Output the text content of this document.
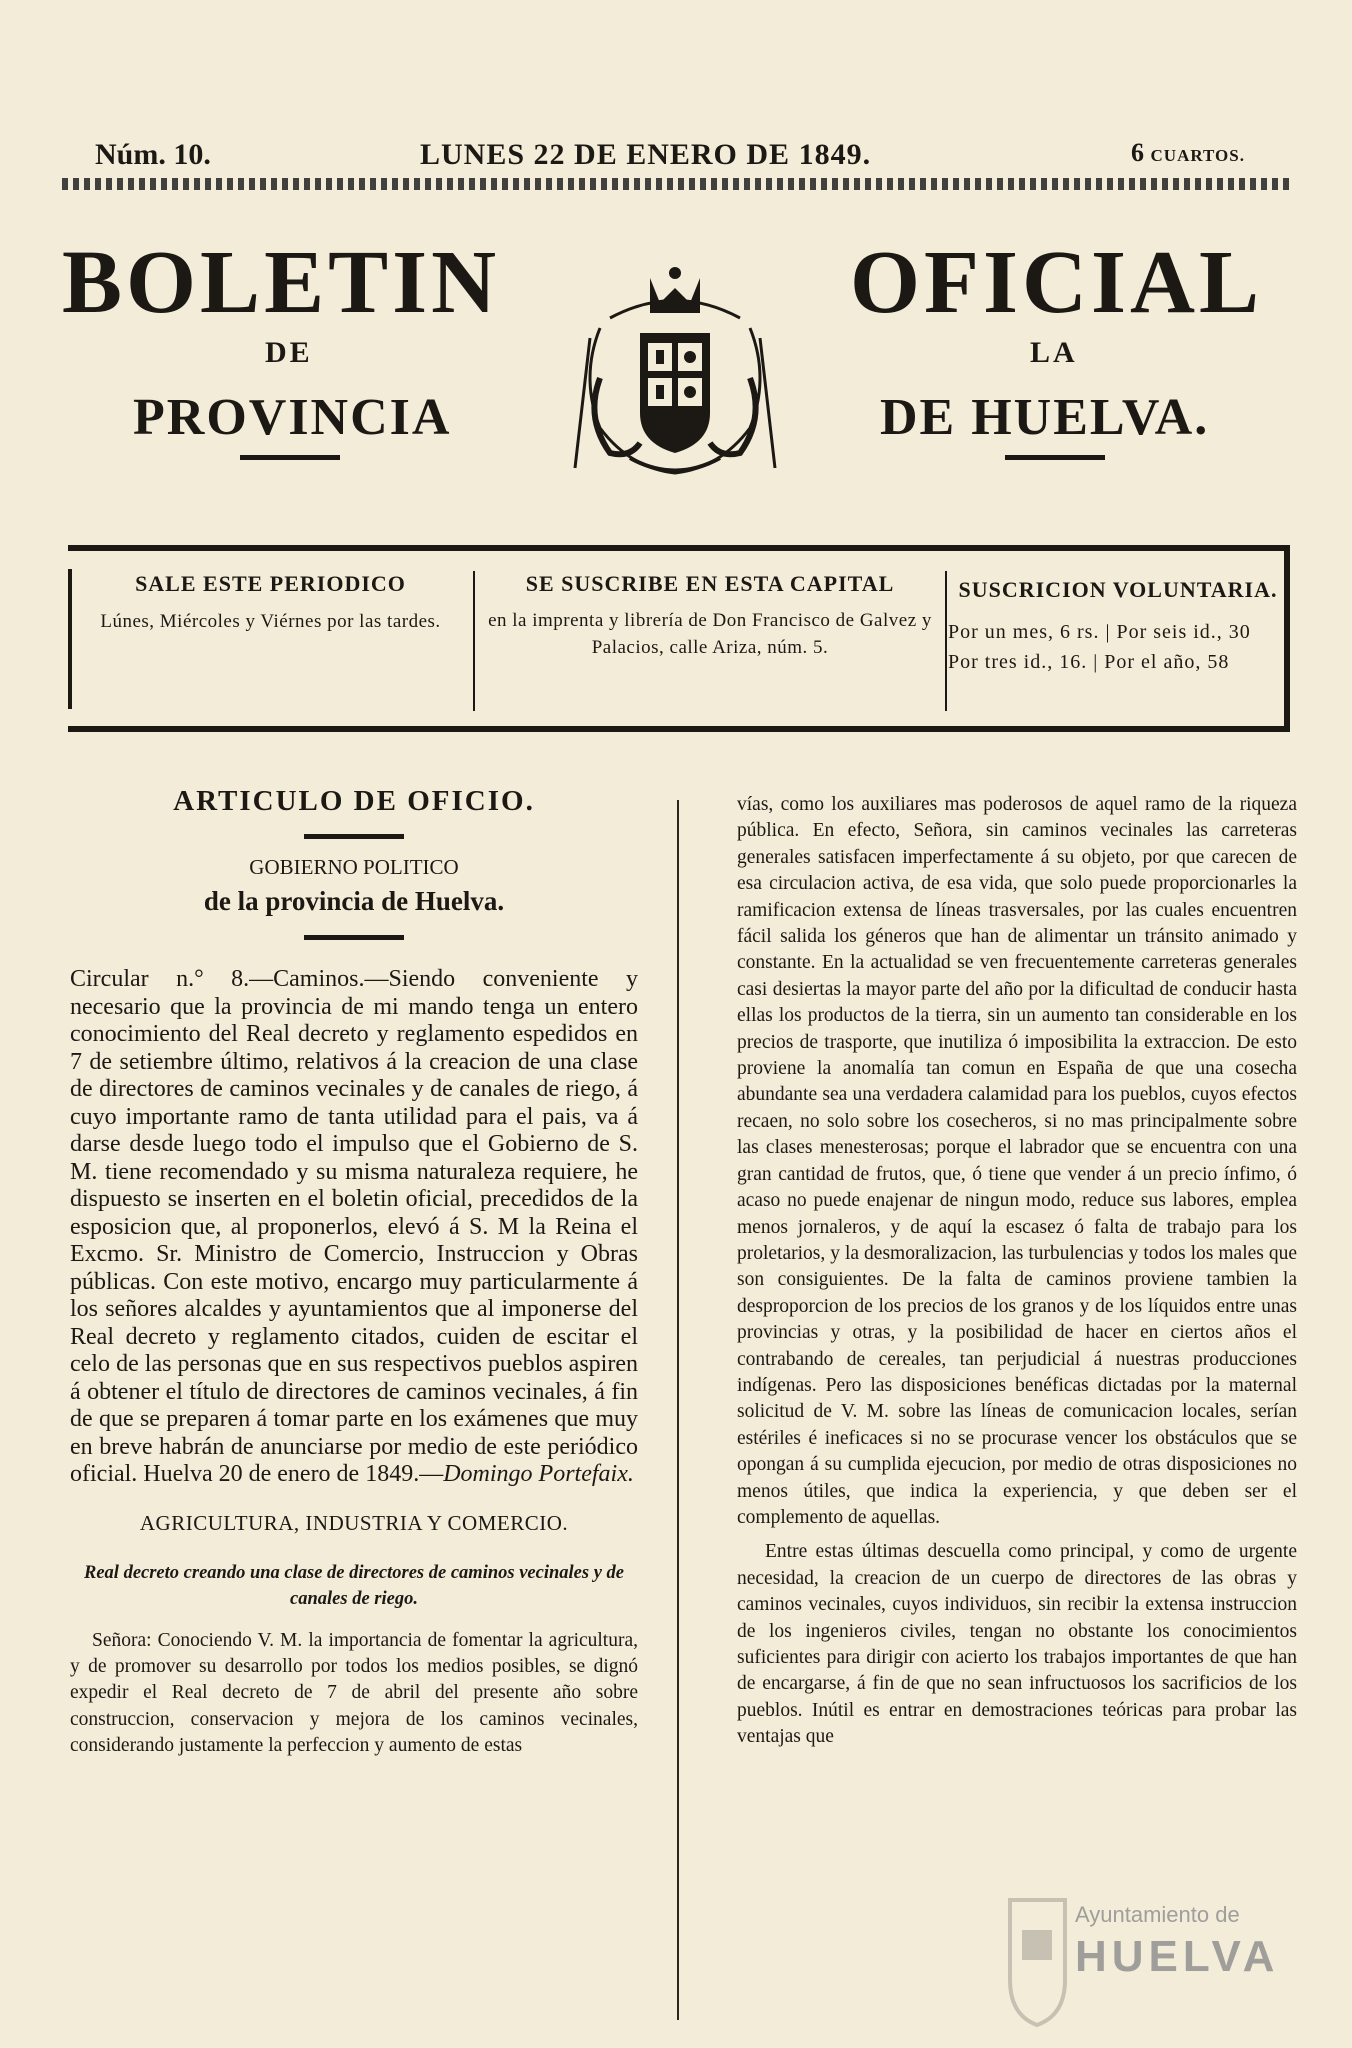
Núm. 10.	LUNES 22 DE ENERO DE 1849.	6 CUARTOS.
BOLETIN	OFICIAL
DE	LA
PROVINCIA	DE HUELVA.
SALE ESTE PERIODICO
Lúnes, Miércoles y Viérnes por las tardes.
SE SUSCRIBE EN ESTA CAPITAL
en la imprenta y librería de Don Francisco de Galvez y Palacios, calle Ariza, núm. 5.
SUSCRICION VOLUNTARIA.
Por un mes, 6 rs. | Por seis id., 30
Por tres id., 16. | Por el año, 58
ARTICULO DE OFICIO.
GOBIERNO POLITICO
de la provincia de Huelva.
Circular n.° 8.—Caminos.—Siendo conveniente y necesario que la provincia de mi mando tenga un entero conocimiento del Real decreto y reglamento espedidos en 7 de setiembre último, relativos á la creacion de una clase de directores de caminos vecinales y de canales de riego, á cuyo importante ramo de tanta utilidad para el pais, va á darse desde luego todo el impulso que el Gobierno de S. M. tiene recomendado y su misma naturaleza requiere, he dispuesto se inserten en el boletin oficial, precedidos de la esposicion que, al proponerlos, elevó á S. M la Reina el Excmo. Sr. Ministro de Comercio, Instruccion y Obras públicas. Con este motivo, encargo muy particularmente á los señores alcaldes y ayuntamientos que al imponerse del Real decreto y reglamento citados, cuiden de escitar el celo de las personas que en sus respectivos pueblos aspiren á obtener el título de directores de caminos vecinales, á fin de que se preparen á tomar parte en los exámenes que muy en breve habrán de anunciarse por medio de este periódico oficial. Huelva 20 de enero de 1849.—Domingo Portefaix.
AGRICULTURA, INDUSTRIA Y COMERCIO.
Real decreto creando una clase de directores de caminos vecinales y de canales de riego.
Señora: Conociendo V. M. la importancia de fomentar la agricultura, y de promover su desarrollo por todos los medios posibles, se dignó expedir el Real decreto de 7 de abril del presente año sobre construccion, conservacion y mejora de los caminos vecinales, considerando justamente la perfeccion y aumento de estas

vías, como los auxiliares mas poderosos de aquel ramo de la riqueza pública. En efecto, Señora, sin caminos vecinales las carreteras generales satisfacen imperfectamente á su objeto, por que carecen de esa circulacion activa, de esa vida, que solo puede proporcionarles la ramificacion extensa de líneas trasversales, por las cuales encuentren fácil salida los géneros que han de alimentar un tránsito animado y constante. En la actualidad se ven frecuentemente carreteras generales casi desiertas la mayor parte del año por la dificultad de conducir hasta ellas los productos de la tierra, sin un aumento tan considerable en los precios de trasporte, que inutiliza ó imposibilita la extraccion. De esto proviene la anomalía tan comun en España de que una cosecha abundante sea una verdadera calamidad para los pueblos, cuyos efectos recaen, no solo sobre los cosecheros, si no mas principalmente sobre las clases menesterosas; porque el labrador que se encuentra con una gran cantidad de frutos, que, ó tiene que vender á un precio ínfimo, ó acaso no puede enajenar de ningun modo, reduce sus labores, emplea menos jornaleros, y de aquí la escasez ó falta de trabajo para los proletarios, y la desmoralizacion, las turbulencias y todos los males que son consiguientes. De la falta de caminos proviene tambien la desproporcion de los precios de los granos y de los líquidos entre unas provincias y otras, y la posibilidad de hacer en ciertos años el contrabando de cereales, tan perjudicial á nuestras producciones indígenas. Pero las disposiciones benéficas dictadas por la maternal solicitud de V. M. sobre las líneas de comunicacion locales, serían estériles é ineficaces si no se procurase vencer los obstáculos que se opongan á su cumplida ejecucion, por medio de otras disposiciones no menos útiles, que indica la experiencia, y que deben ser el complemento de aquellas.

Entre estas últimas descuella como principal, y como de urgente necesidad, la creacion de un cuerpo de directores de las obras y caminos vecinales, cuyos individuos, sin recibir la extensa instruccion de los ingenieros civiles, tengan no obstante los conocimientos suficientes para dirigir con acierto los trabajos importantes de que han de encargarse, á fin de que no sean infructuosos los sacrificios de los pueblos. Inútil es entrar en demostraciones teóricas para probar las ventajas que

Ayuntamiento de
HUELVA
